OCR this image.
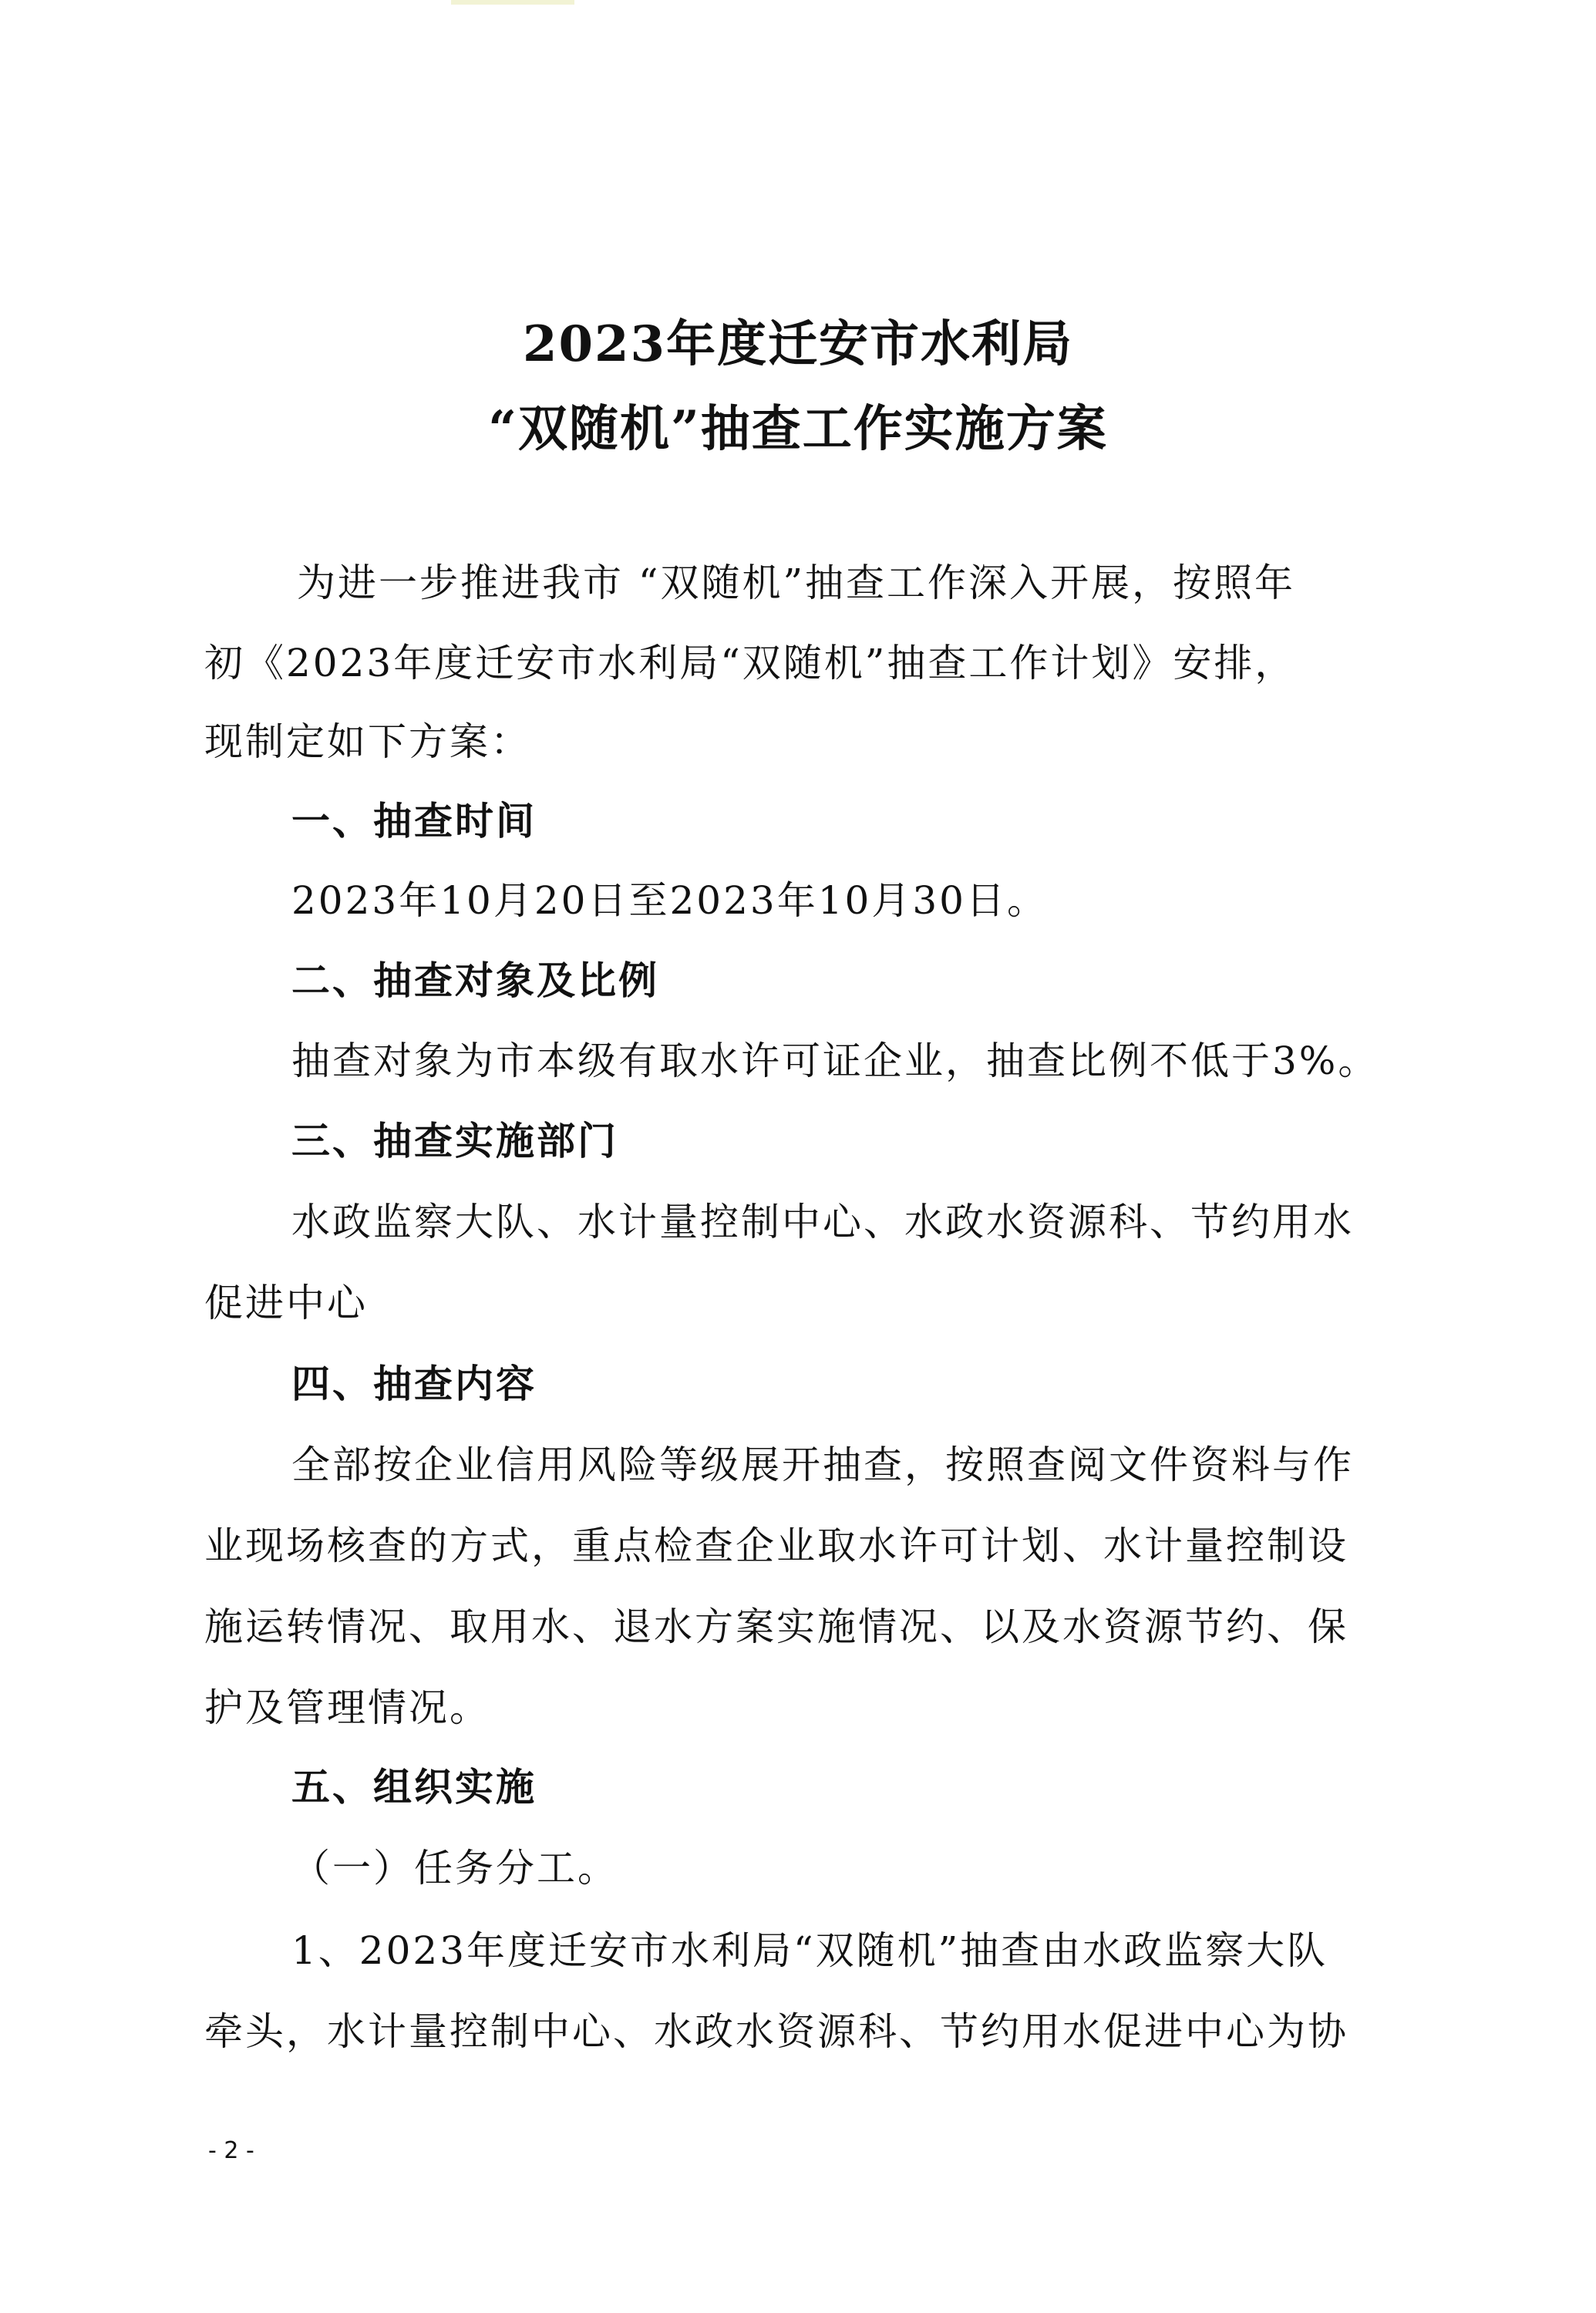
2023年度迁安市水利局
“双随机”抽查工作实施方案
为进一步推进我市 “双随机”抽查工作深入开展，按照年
初《2023年度迁安市水利局“双随机”抽查工作计划》安排，
现制定如下方案：
一、抽查时间
2023年10月20日至2023年10月30日。
二、抽查对象及比例
抽查对象为市本级有取水许可证企业，抽查比例不低于3%。
三、抽查实施部门
水政监察大队、水计量控制中心、水政水资源科、节约用水
促进中心
四、抽查内容
全部按企业信用风险等级展开抽查，按照查阅文件资料与作
业现场核查的方式，重点检查企业取水许可计划、水计量控制设
施运转情况、取用水、退水方案实施情况、以及水资源节约、保
护及管理情况。
五、组织实施
（一）任务分工。
1、2023年度迁安市水利局“双随机”抽查由水政监察大队
牵头，水计量控制中心、水政水资源科、节约用水促进中心为协
- 2 -
